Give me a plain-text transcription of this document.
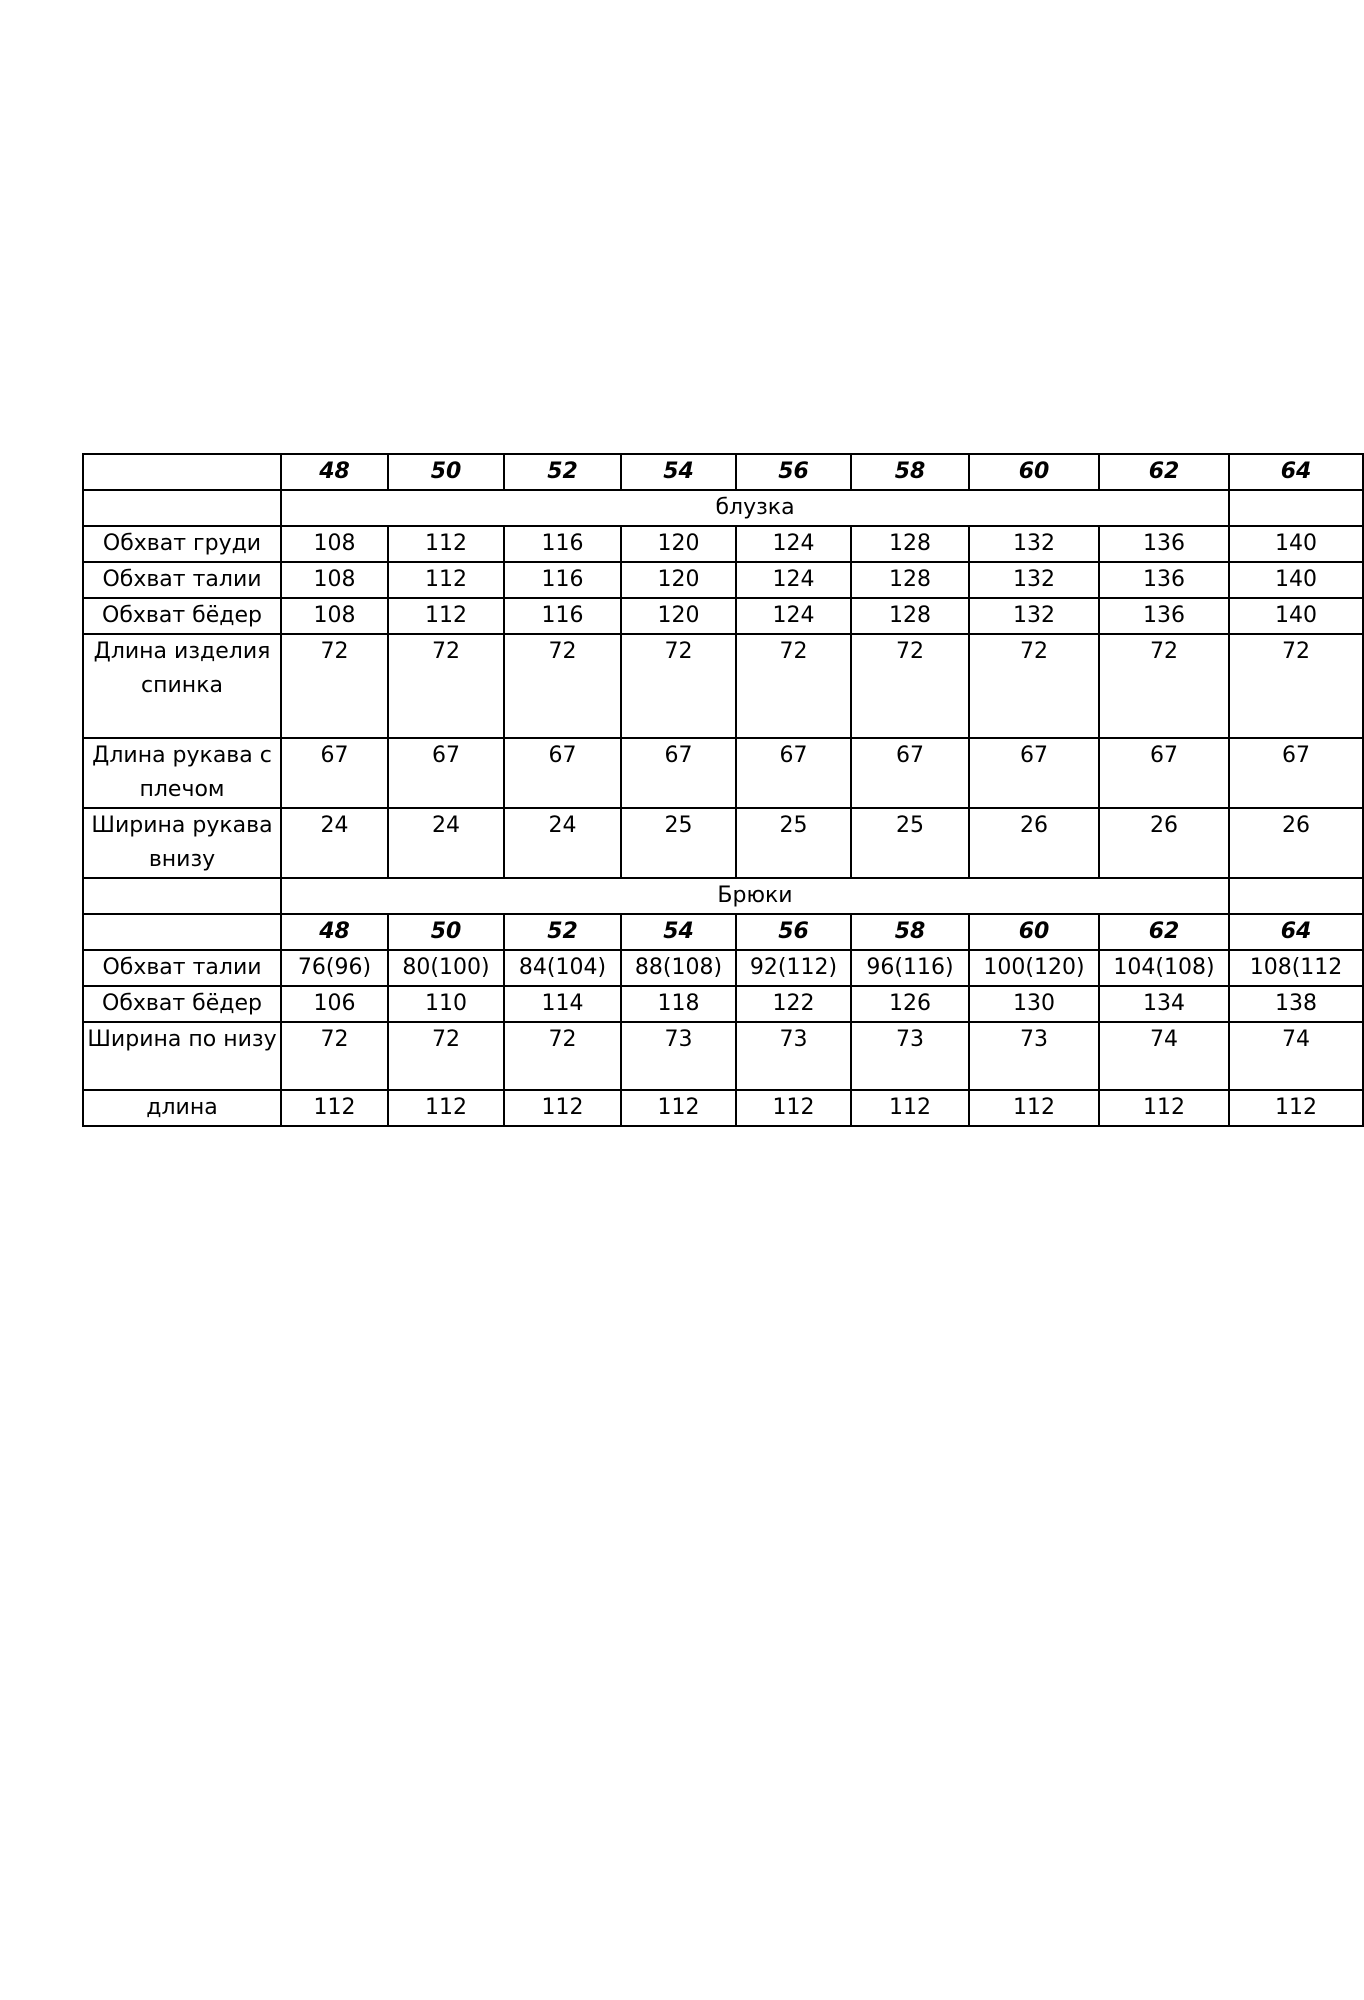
	48	50	52	54	56	58	60	62	64
	блузка								
Обхват груди	108	112	116	120	124	128	132	136	140
Обхват талии	108	112	116	120	124	128	132	136	140
Обхват бёдер	108	112	116	120	124	128	132	136	140
Длина изделия спинка	72	72	72	72	72	72	72	72	72
Длина рукава с плечом	67	67	67	67	67	67	67	67	67
Ширина рукава внизу	24	24	24	25	25	25	26	26	26
	Брюки								
	48	50	52	54	56	58	60	62	64
Обхват талии	76(96)	80(100)	84(104)	88(108)	92(112)	96(116)	100(120)	104(108)	108(112
Обхват бёдер	106	110	114	118	122	126	130	134	138
Ширина по низу	72	72	72	73	73	73	73	74	74
длина	112	112	112	112	112	112	112	112	112
